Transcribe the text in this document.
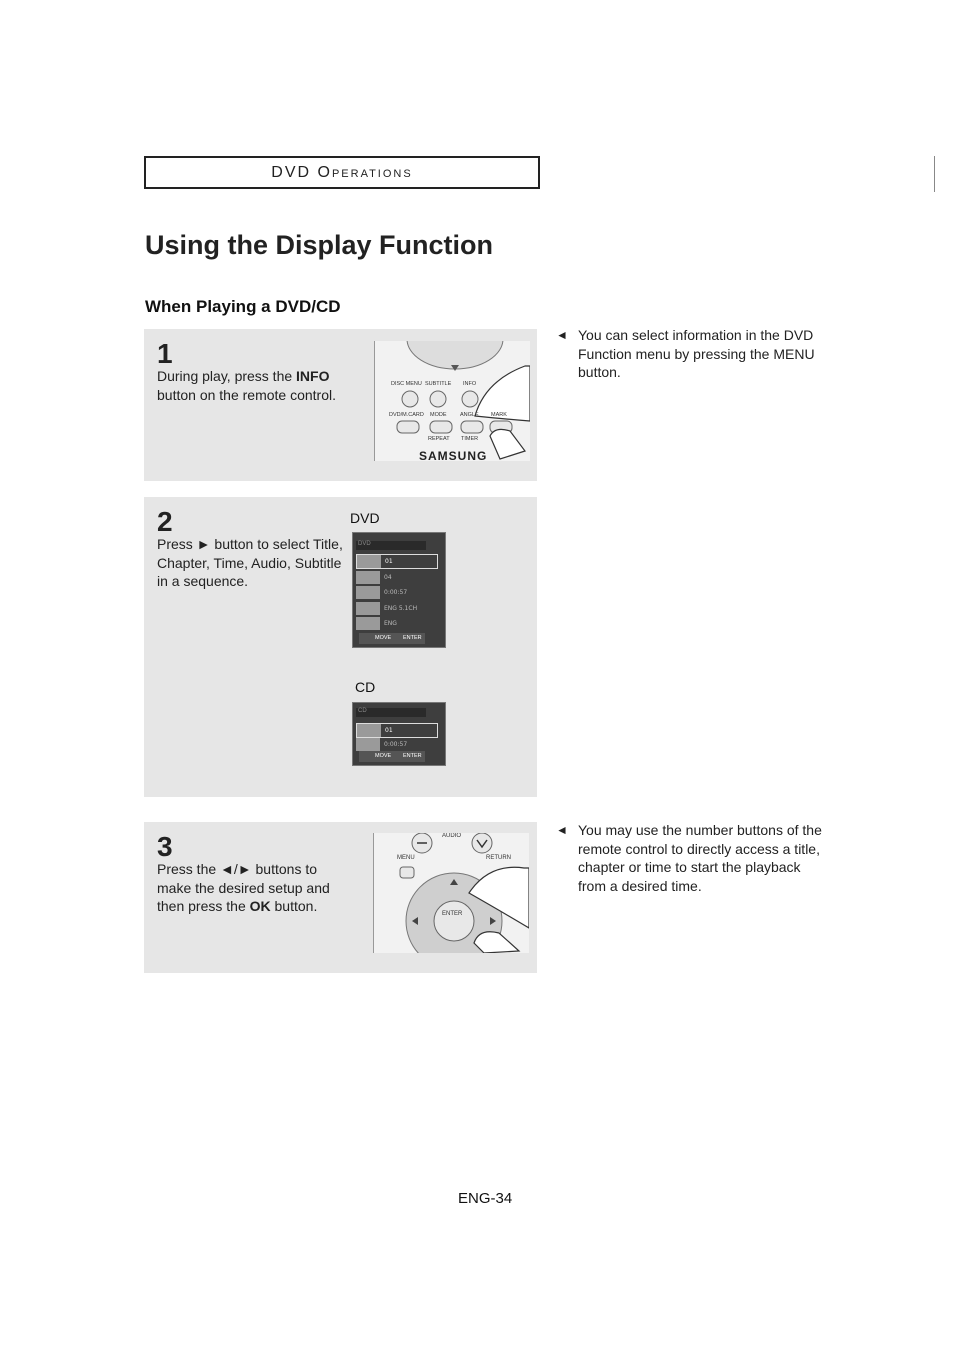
DVD Operations
Using the Display Function
When Playing a DVD/CD
1
During play, press the INFO button on the remote control.
DISC MENU SUBTITLE INFO
DVD/M.CARD MODE ANGLE MARK
REPEAT TIMER
SAMSUNG
2
Press ► button to select Title, Chapter, Time, Audio, Subtitle in a sequence.
DVD
DVD
01
04
0:00:57
ENG 5.1CH
ENG
MOVE ENTER
CD
CD
01
0:00:57
MOVE ENTER
3
Press the ◄/► buttons to make the desired setup and then press the OK button.
AUDIO
MENU	RETURN
ENTER
◄ You can select information in the DVD Function menu by pressing the MENU button.
◄ You may use the number buttons of the remote control to directly access a title, chapter or time to start the playback from a desired time.
ENG-34
